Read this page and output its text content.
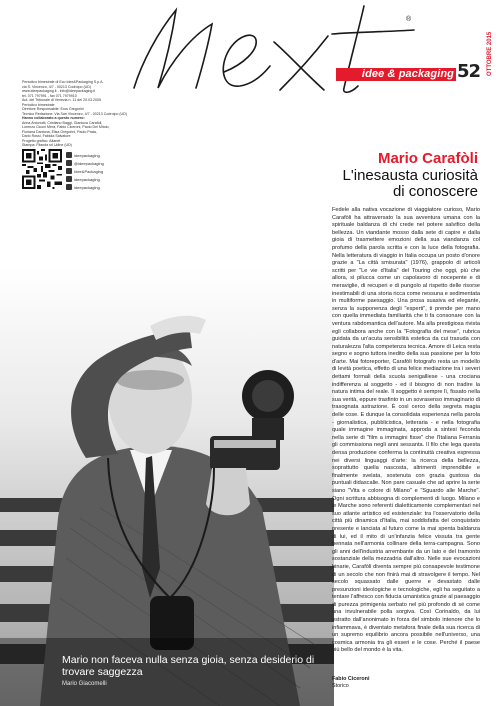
®
idee & packaging 52 OTTOBRE 2015
Periodico bimestrale di Eco Idee&Packaging S.p.A.
via S. Vincenzo, 4/7 - 00213 Codroipo (UD)
www.ideepackaging.it - info@ideepackaging.it
tel. 071 797991 - fax 071 7979910
Aut. del Tribunale di Venezia n. 11 del 20.03.2005
Periodico bimestrale
Direttore Responsabile: Eros Gregorini
Tecnico Redazione: Via San Vincenzo, 4/7 - 00213 Codroipo (UD)
Hanno collaborato a questo numero:
Anna Antonutti, Cristiano Baggi, Gianluca Carafòli,
Lorenzo Ciconi Mera, Fabio Ciceroni, Paolo Del Mitolo,
Floriana Dantona, Elisa Gregorini, Paolo Prata,
Dario Rossi, Fabiola Salvatore
Progetto grafico: Altanet
Stampa: Filanda srl Udine (UD)
ideepackaging
@ideepackaging
Idee&Packaging
ideepackaging
ideepackaging
Mario Carafòli
L'inesausta curiosità
di conoscere
Mario non faceva nulla senza gioia, senza desiderio di trovare saggezza
Mario Giacomelli

Fedele alla nativa vocazione di viaggiatore curioso, Mario Carafòli ha attraversato la sua avventura umana con la spirituale baldanza di chi crede nel potere salvifico della bellezza. Un viandante mosso dalla sete di capire e dalla gioia di trasmettere emozioni della sua viandanza col profumo della parola scritta e con la luce della fotografia. Nella letteratura di viaggio in Italia occupa un posto d'onore grazie a "La città smisurata" (1976), grappolo di articoli scritti per "Le vie d'Italia" del Touring che oggi, più che allora, si piluccа come un capolavoro di nocepente e di meraviglie, di recuperi e di pungolo al rispetto delle risorse inestimabili di una storia ricca come nessuna e sedimentata in multiforme paesaggio. Una prosa suasiva ed elegante, senza la supponenza degli "esperti", ti prende per mano con quella immediata familiarità che ti fa consonare con la ventura rabdomantica dell'autore. Ma alla prestigiosa rivista egli collabora anche con la "Fotografia del mese", rubrica guidata da un'acuta sensibilità estetica da cui trasuda con naturalezza l'alta competenza tecnica. Amore di Leica resta segno e sogno tuttora inedito della sua passione per la foto d'arte. Mai fotoreporter, Carafòli fotografo resta un modello di levità poetica, effetto di una felice mediazione tra i severi dettami formali della scuola senigalliese - una crocianа indifferenza al soggetto - ed il bisogno di non tradire la natura intima del reale. Il soggetto è sempre lì, fissato nella sua verità, eppure trasfinto in un sovrasenso immaginario di trasognata astrazione. È così cerco della segreta magia delle cose. E dunque la consolidata esperienza nella parola - giornalistica, pubblicistica, letteraria - e nella fotografia quale immagine immaginata, approda a sintesi feconda nella serie di "film a immagini fisse" che l'Italiana Ferrania gli commissiona negli anni sessanta. Il filo che lega questa densa produzione conferma la continuità creativa espressa nei diversi linguaggi d'arte: la ricerca della bellezza, soprattutto quella nascosta, altrimenti imprendibile e finalmente svelata, sostenuta con grazia gustosa da puntuali didascalie. Non pare casuale che ad aprire la serie siano "Vita e colore di Milano" e "Sguardo alle Marche". Ogni scrittura abbisogna di complementi di luogo. Milano e le Marche sono referenti dialetticamente complementari nel suo atlante artistico ed esistenziale: tra l'osservatorio della città più dinamica d'Italia, mai soddisfatta del conquistato presente e lanciata al futuro come la mai spenta baldanza di lui, ed il mito di un'infanzia felice vissuta tra gente bennata nell'armonia collinare della terra-campagna. Sono gli anni dell'industria arrembante da un lato e del tramonto sostanziale della mezzadria dall'altro. Nelle sue evocazioni binarie, Carafòli diventa sempre più consapevole testimone di un secolo che non finirà mai di stravolgere il tempo. Nel secolo squassato dalle guerre e devastato dalle presunzioni ideologiche e tecnologiche, egli ha seguitato a tentare l'affresco con fiduciа umanistica grazie al paesaggio di purezza primigenia serbato nel più profondo di sé come una invulnerabile polla sorgiva. Così Corinaldo, da lui estratto dall'anonimato in forza del simbolo intenore che lo infiammava, è diventato metafora finale della sua ricerca di un supremo equilibrio ancora possibile nell'universo, una cosmica armonia tra gli esseri e le cose. Perché il paese più bello del mondo è la vita.

Fabio Ciceroni
Storico
